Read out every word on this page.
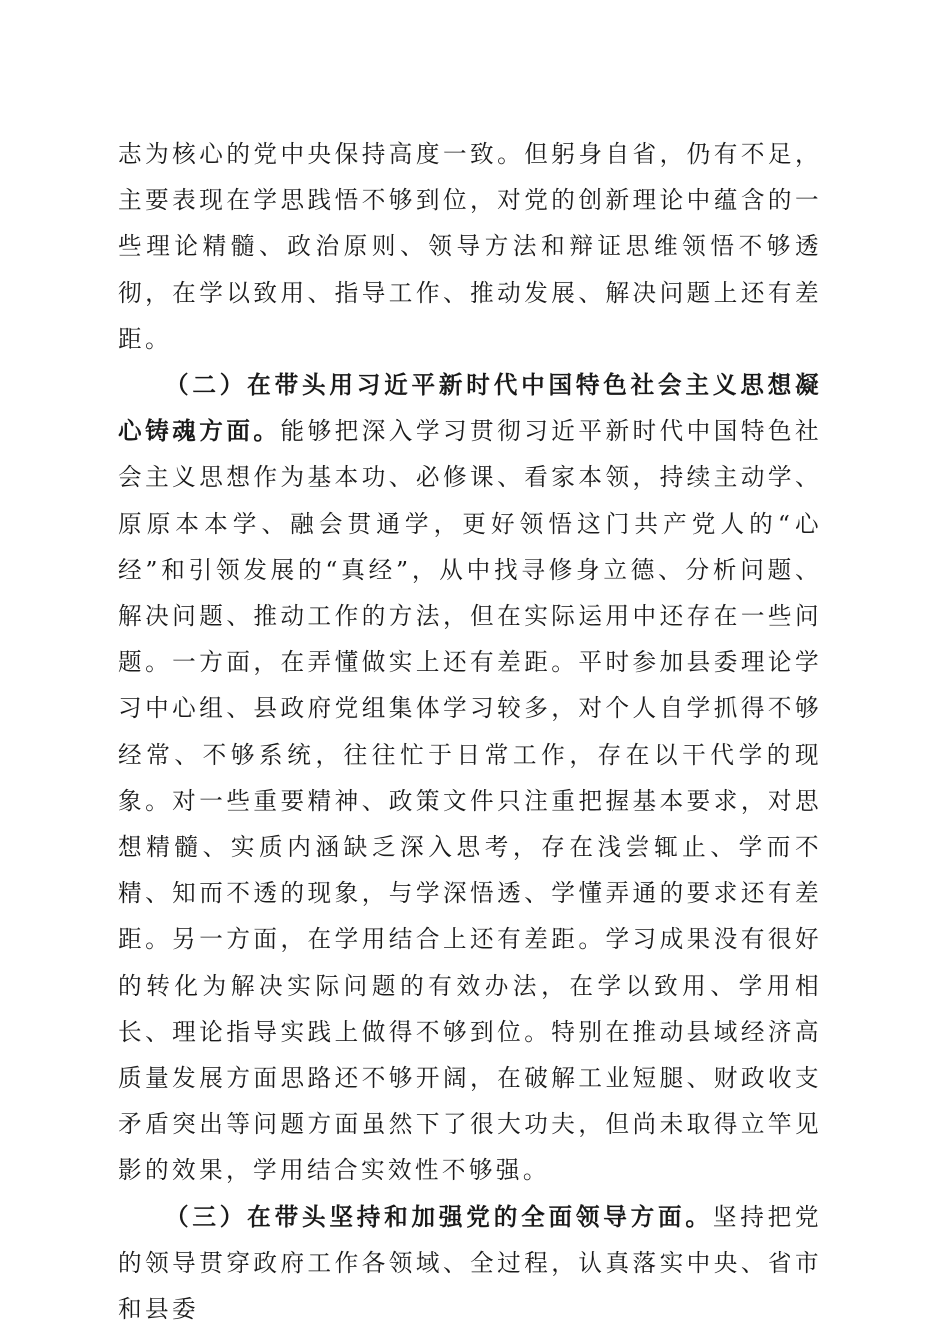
志为核心的党中央保持高度一致。但躬身自省，仍有不足，主要表现在学思践悟不够到位，对党的创新理论中蕴含的一些理论精髓、政治原则、领导方法和辩证思维领悟不够透彻，在学以致用、指导工作、推动发展、解决问题上还有差距。

（二）在带头用习近平新时代中国特色社会主义思想凝心铸魂方面。能够把深入学习贯彻习近平新时代中国特色社会主义思想作为基本功、必修课、看家本领，持续主动学、原原本本学、融会贯通学，更好领悟这门共产党人的“心经”和引领发展的“真经”，从中找寻修身立德、分析问题、解决问题、推动工作的方法，但在实际运用中还存在一些问题。一方面，在弄懂做实上还有差距。平时参加县委理论学习中心组、县政府党组集体学习较多，对个人自学抓得不够经常、不够系统，往往忙于日常工作，存在以干代学的现象。对一些重要精神、政策文件只注重把握基本要求，对思想精髓、实质内涵缺乏深入思考，存在浅尝辄止、学而不精、知而不透的现象，与学深悟透、学懂弄通的要求还有差距。另一方面，在学用结合上还有差距。学习成果没有很好的转化为解决实际问题的有效办法，在学以致用、学用相长、理论指导实践上做得不够到位。特别在推动县域经济高质量发展方面思路还不够开阔，在破解工业短腿、财政收支矛盾突出等问题方面虽然下了很大功夫，但尚未取得立竿见影的效果，学用结合实效性不够强。

（三）在带头坚持和加强党的全面领导方面。坚持把党的领导贯穿政府工作各领域、全过程，认真落实中央、省市和县委
